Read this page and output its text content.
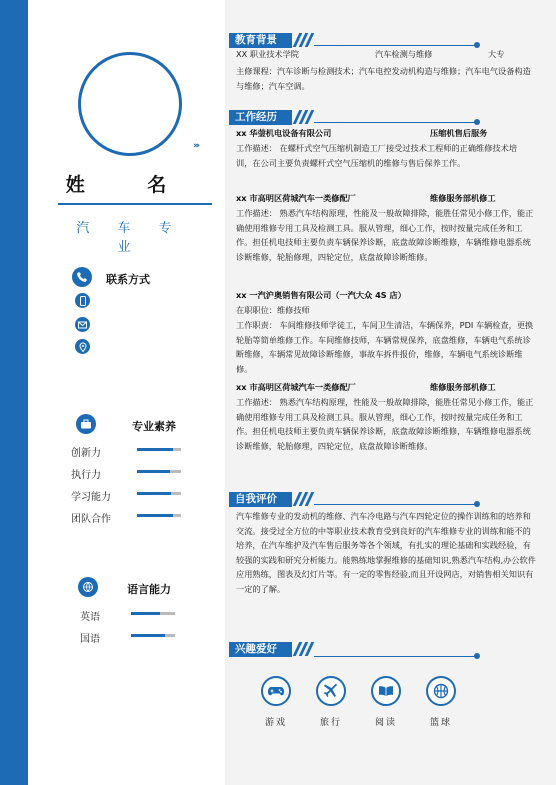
›››
姓 名
汽 车 专 业
联系方式
专业素养
创新力
执行力
学习能力
团队合作
语言能力
英语
国语
教育背景
XX 职业技术学院	汽车检测与维修	大专
主修课程：汽车诊断与检测技术；汽车电控发动机构造与维修；汽车电气设备构造与维修；汽车空调。
工作经历
xx 华蓥机电设备有限公司	压缩机售后服务
工作描述： 在螺杆式空气压缩机制造工厂接受过技术工程师的正确维修技术培训，在公司主要负责螺杆式空气压缩机的维修与售后保养工作。
xx 市高明区荷城汽车一类修配厂	维修服务部机修工
工作描述： 熟悉汽车结构原理，性能及一般故障排除，能胜任常见小修工作，能正确使用维修专用工具及检测工具。服从管理，细心工作，按时按量完成任务和工作。担任机电技师主要负责车辆保养诊断，底盘故障诊断维修，车辆维修电器系统诊断维修，轮胎修理，四轮定位，底盘故障诊断维修。
xx 一汽沪奥销售有限公司（一汽大众 4S 店）
在职职位：维修技师
工作职责： 车间维修技师学徒工，车间卫生清洁，车辆保养，PDI 车辆检查，更换轮胎等简单维修工作。车间维修技师，车辆常规保养，底盘维修，车辆电气系统诊断维修，车辆常见故障诊断维修，事故车拆件报价，维修，车辆电气系统诊断维修。
xx 市高明区荷城汽车一类修配厂	维修服务部机修工
工作描述： 熟悉汽车结构原理，性能及一般故障排除，能胜任常见小修工作，能正确使用维修专用工具及检测工具。服从管理，细心工作，按时按量完成任务和工作。担任机电技师主要负责车辆保养诊断，底盘故障诊断维修，车辆维修电器系统诊断维修，轮胎修理，四轮定位，底盘故障诊断维修。
自我评价
汽车维修专业的发动机的维修、汽车冷电路与汽车四轮定位的操作训练和的培养和交流。接受过全方位的中等职业技术教育受到良好的汽车维修专业的训练和能不的培养，在汽车维护及汽车售后服务等各个领域，有扎实的理论基础和实践经验，有较强的实践和研究分析能力。能熟练地掌握维修的基础知识,熟悉汽车结构,办公软件应用熟练，图表及幻灯片等。有一定的零售经验,而且开设网店，对销售相关知识有一定的了解。
兴趣爱好
游戏	旅行	阅读	篮球
